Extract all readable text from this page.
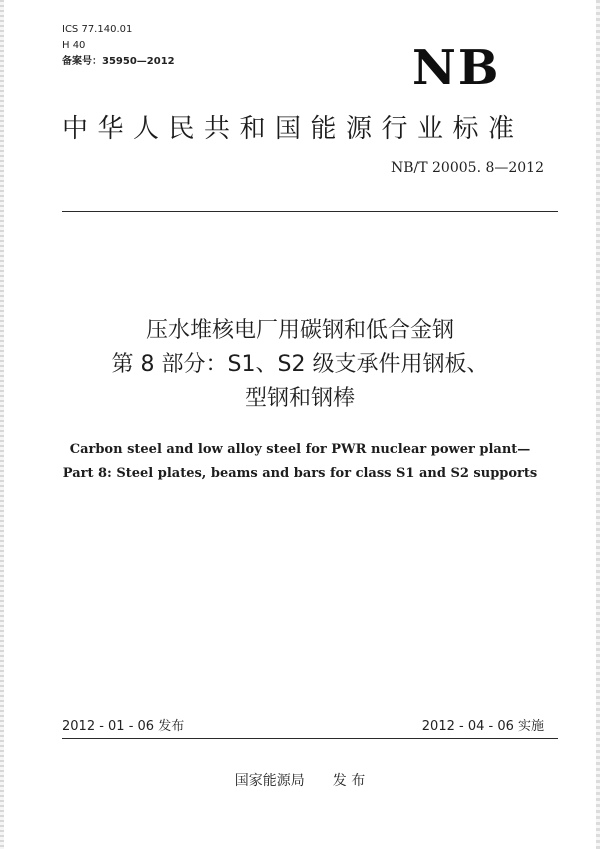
ICS 77.140.01
H 40
备案号：35950—2012	NB
中华人民共和国能源行业标准
NB/T 20005. 8—2012
压水堆核电厂用碳钢和低合金钢
第 8 部分：S1、S2 级支承件用钢板、
型钢和钢棒
Carbon steel and low alloy steel for PWR nuclear power plant—
Part 8: Steel plates, beams and bars for class S1 and S2 supports
2012 - 01 - 06 发布	2012 - 04 - 06 实施
国家能源局 发 布
